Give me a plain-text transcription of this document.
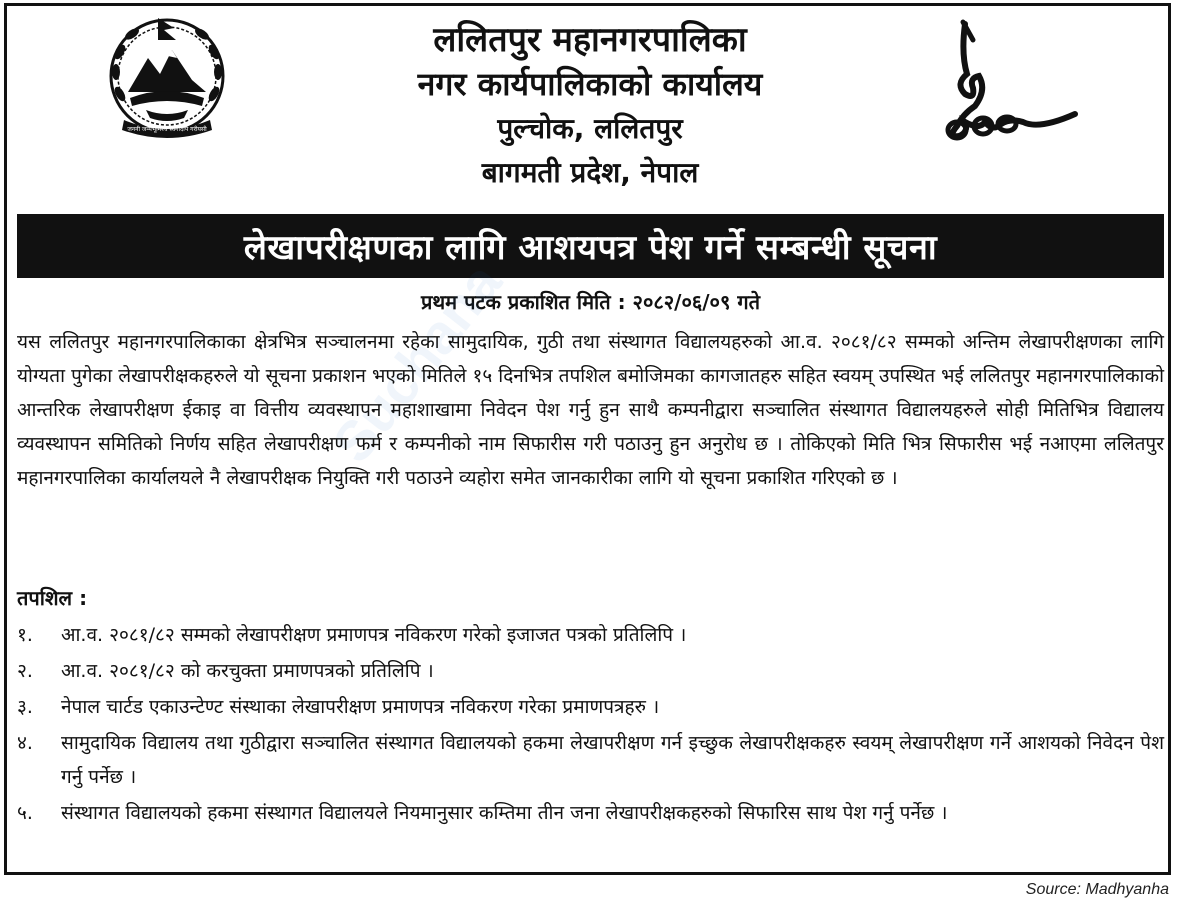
जननी जन्मभूमिश्च स्वर्गादपि गरीयसी
ललितपुर महानगरपालिका
नगर कार्यपालिकाको कार्यालय
पुल्चोक, ललितपुर
बागमती प्रदेश, नेपाल
लेखापरीक्षणका लागि आशयपत्र पेश गर्ने सम्बन्धी सूचना
प्रथम पटक प्रकाशित मिति : २०८२/०६/०९ गते
Suchana
यस ललितपुर महानगरपालिकाका क्षेत्रभित्र सञ्चालनमा रहेका सामुदायिक, गुठी तथा संस्थागत विद्यालयहरुको आ.व. २०८१/८२ सम्मको अन्तिम लेखापरीक्षणका लागि योग्यता पुगेका लेखापरीक्षकहरुले यो सूचना प्रकाशन भएको मितिले १५ दिनभित्र तपशिल बमोजिमका कागजातहरु सहित स्वयम् उपस्थित भई ललितपुर महानगरपालिकाको आन्तरिक लेखापरीक्षण ईकाइ वा वित्तीय व्यवस्थापन महाशाखामा निवेदन पेश गर्नु हुन साथै कम्पनीद्वारा सञ्चालित संस्थागत विद्यालयहरुले सोही मितिभित्र विद्यालय व्यवस्थापन समितिको निर्णय सहित लेखापरीक्षण फर्म र कम्पनीको नाम सिफारीस गरी पठाउनु हुन अनुरोध छ । तोकिएको मिति भित्र सिफारीस भई नआएमा ललितपुर महानगरपालिका कार्यालयले नै लेखापरीक्षक नियुक्ति गरी पठाउने व्यहोरा समेत जानकारीका लागि यो सूचना प्रकाशित गरिएको छ ।
तपशिल :
१.	आ.व. २०८१/८२ सम्मको लेखापरीक्षण प्रमाणपत्र नविकरण गरेको इजाजत पत्रको प्रतिलिपि ।
२.	आ.व. २०८१/८२ को करचुक्ता प्रमाणपत्रको प्रतिलिपि ।
३.	नेपाल चार्टड एकाउन्टेण्ट संस्थाका लेखापरीक्षण प्रमाणपत्र नविकरण गरेका प्रमाणपत्रहरु ।
४.	सामुदायिक विद्यालय तथा गुठीद्वारा सञ्चालित संस्थागत विद्यालयको हकमा लेखापरीक्षण गर्न इच्छुक लेखापरीक्षकहरु स्वयम् लेखापरीक्षण गर्ने आशयको निवेदन पेश गर्नु पर्नेछ ।
५.	संस्थागत विद्यालयको हकमा संस्थागत विद्यालयले नियमानुसार कम्तिमा तीन जना लेखापरीक्षकहरुको सिफारिस साथ पेश गर्नु पर्नेछ ।
Source: Madhyanha
